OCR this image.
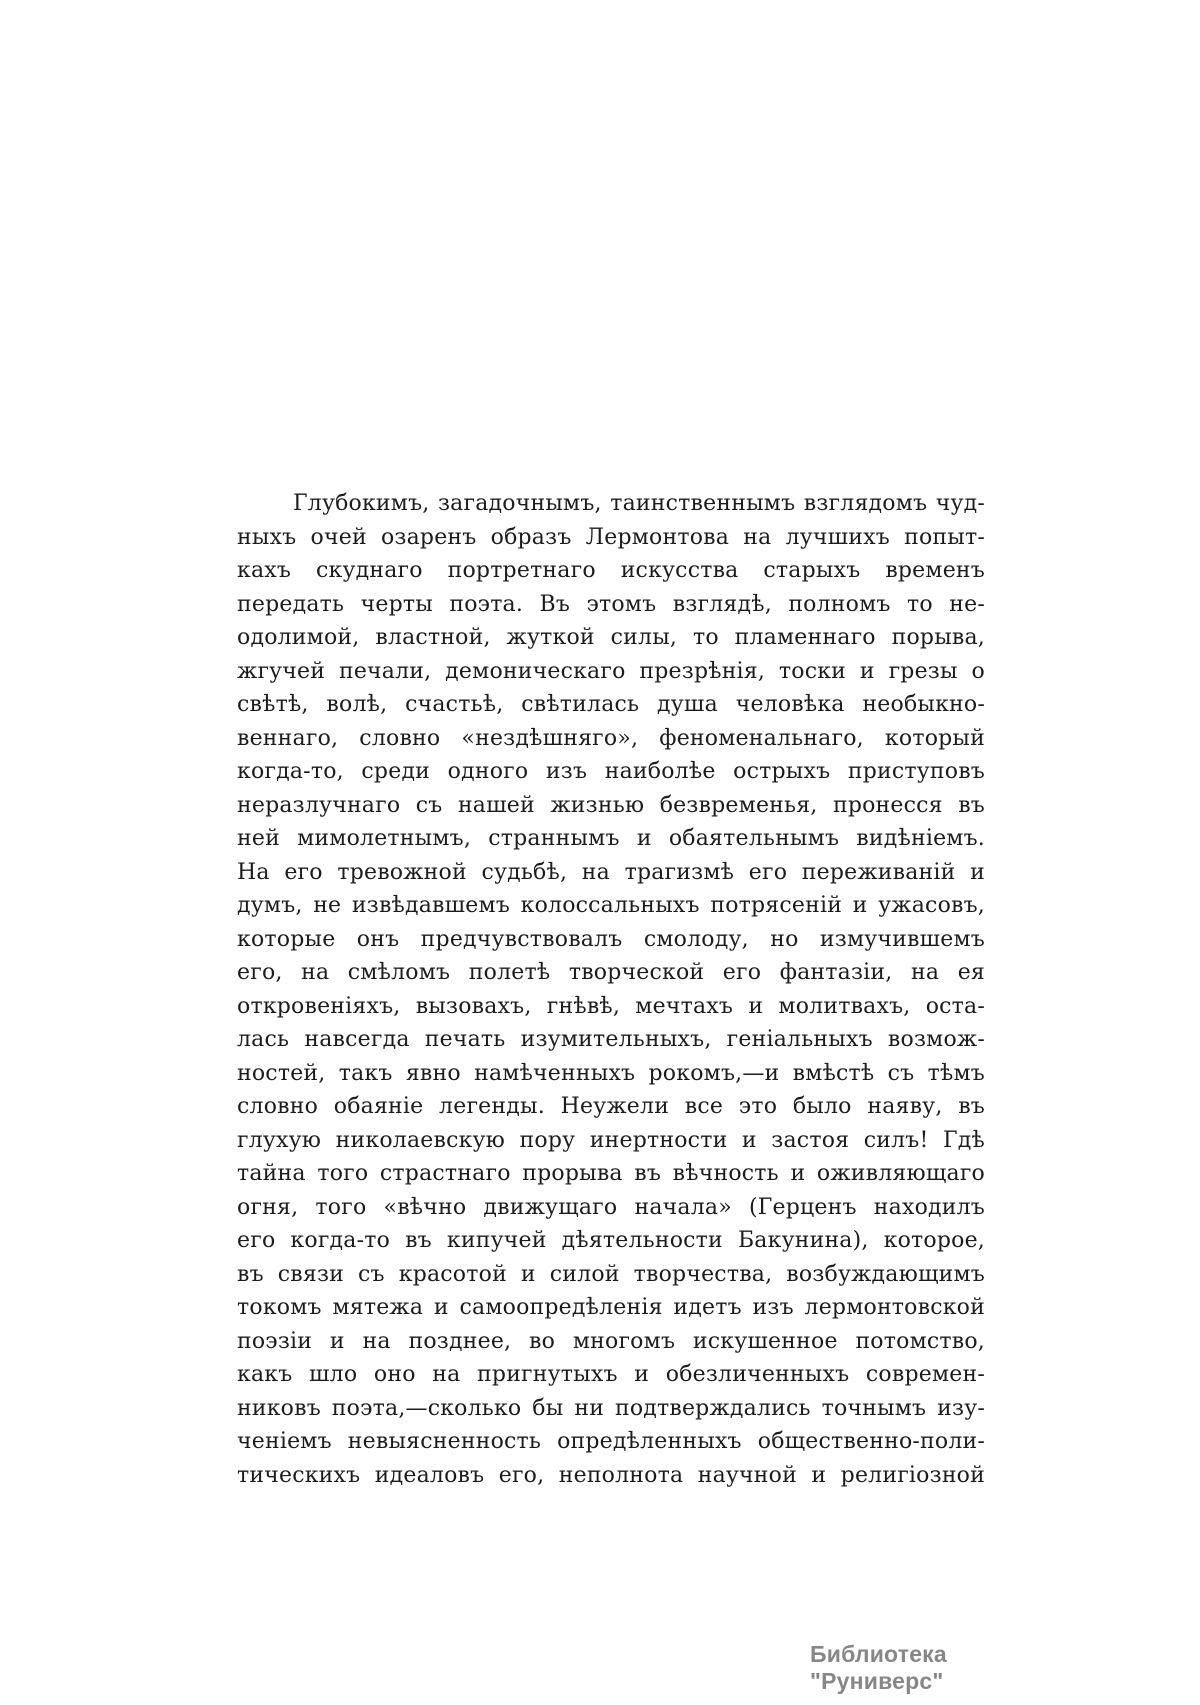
Глубокимъ, загадочнымъ, таинственнымъ взглядомъ чуд-
ныхъ очей озаренъ образъ Лермонтова на лучшихъ попыт-
кахъ скуднаго портретнаго искусства старыхъ временъ
передать черты поэта. Въ этомъ взглядѣ, полномъ то не-
одолимой, властной, жуткой силы, то пламеннаго порыва,
жгучей печали, демоническаго презрѣнія, тоски и грезы о
свѣтѣ, волѣ, счастьѣ, свѣтилась душа человѣка необыкно-
веннаго, словно «нездѣшняго», феноменальнаго, который
когда-то, среди одного изъ наиболѣе острыхъ приступовъ
неразлучнаго съ нашей жизнью безвременья, пронесся въ
ней мимолетнымъ, страннымъ и обаятельнымъ видѣніемъ.
На его тревожной судьбѣ, на трагизмѣ его переживаній и
думъ, не извѣдавшемъ колоссальныхъ потрясеній и ужасовъ,
которые онъ предчувствовалъ смолоду, но измучившемъ
его, на смѣломъ полетѣ творческой его фантазіи, на ея
откровеніяхъ, вызовахъ, гнѣвѣ, мечтахъ и молитвахъ, оста-
лась навсегда печать изумительныхъ, геніальныхъ возмож-
ностей, такъ явно намѣченныхъ рокомъ,—и вмѣстѣ съ тѣмъ
словно обаяніе легенды. Неужели все это было наяву, въ
глухую николаевскую пору инертности и застоя силъ! Гдѣ
тайна того страстнаго прорыва въ вѣчность и оживляющаго
огня, того «вѣчно движущаго начала» (Герценъ находилъ
его когда-то въ кипучей дѣятельности Бакунина), которое,
въ связи съ красотой и силой творчества, возбуждающимъ
токомъ мятежа и самоопредѣленія идетъ изъ лермонтовской
поэзіи и на позднее, во многомъ искушенное потомство,
какъ шло оно на пригнутыхъ и обезличенныхъ современ-
никовъ поэта,—сколько бы ни подтверждались точнымъ изу-
ченіемъ невыясненность опредѣленныхъ общественно-поли-
тическихъ идеаловъ его, неполнота научной и религіозной
Библиотека "Руниверс"
